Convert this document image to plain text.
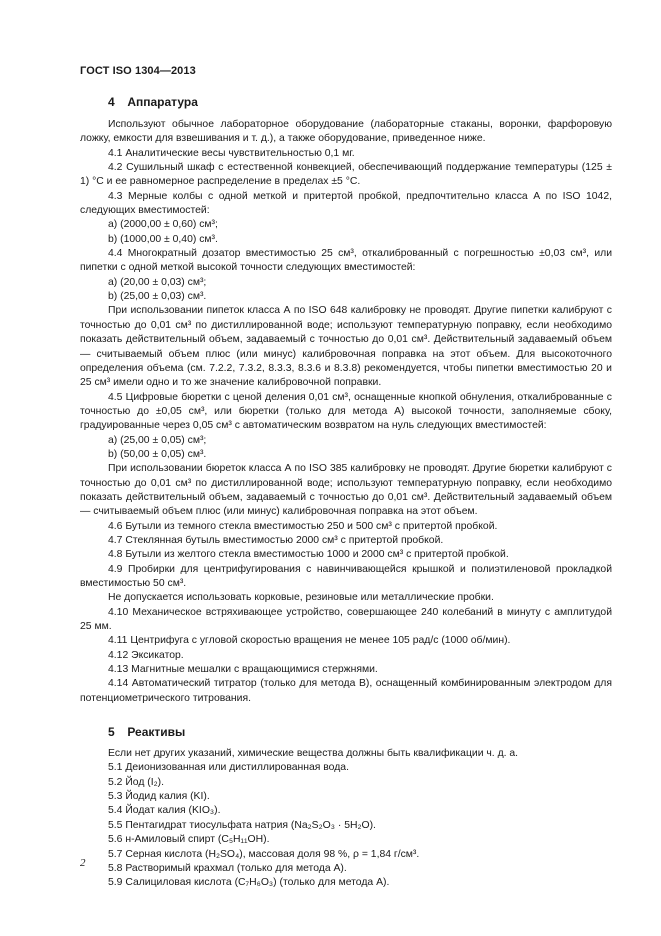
ГОСТ ISO 1304—2013
4 Аппаратура

Используют обычное лабораторное оборудование (лабораторные стаканы, воронки, фарфоровую ложку, емкости для взвешивания и т. д.), а также оборудование, приведенное ниже.

4.1 Аналитические весы чувствительностью 0,1 мг.

4.2 Сушильный шкаф с естественной конвекцией, обеспечивающий поддержание температуры (125 ± 1) °С и ее равномерное распределение в пределах ±5 °С.

4.3 Мерные колбы с одной меткой и притертой пробкой, предпочтительно класса А по ISO 1042, следующих вместимостей:

а) (2000,00 ± 0,60) см³;

b) (1000,00 ± 0,40) см³.

4.4 Многократный дозатор вместимостью 25 см³, откалиброванный с погрешностью ±0,03 см³, или пипетки с одной меткой высокой точности следующих вместимостей:

а) (20,00 ± 0,03) см³;

b) (25,00 ± 0,03) см³.

При использовании пипеток класса А по ISO 648 калибровку не проводят. Другие пипетки калибруют с точностью до 0,01 см³ по дистиллированной воде; используют температурную поправку, если необходимо показать действительный объем, задаваемый с точностью до 0,01 см³. Действительный задаваемый объем — считываемый объем плюс (или минус) калибровочная поправка на этот объем. Для высокоточного определения объема (см. 7.2.2, 7.3.2, 8.3.3, 8.3.6 и 8.3.8) рекомендуется, чтобы пипетки вместимостью 20 и 25 см³ имели одно и то же значение калибровочной поправки.

4.5 Цифровые бюретки с ценой деления 0,01 см³, оснащенные кнопкой обнуления, откалиброванные с точностью до ±0,05 см³, или бюретки (только для метода А) высокой точности, заполняемые сбоку, градуированные через 0,05 см³ с автоматическим возвратом на нуль следующих вместимостей:

а) (25,00 ± 0,05) см³;

b) (50,00 ± 0,05) см³.

При использовании бюреток класса А по ISO 385 калибровку не проводят. Другие бюретки калибруют с точностью до 0,01 см³ по дистиллированной воде; используют температурную поправку, если необходимо показать действительный объем, задаваемый с точностью до 0,01 см³. Действительный задаваемый объем — считываемый объем плюс (или минус) калибровочная поправка на этот объем.

4.6 Бутыли из темного стекла вместимостью 250 и 500 см³ с притертой пробкой.

4.7 Стеклянная бутыль вместимостью 2000 см³ с притертой пробкой.

4.8 Бутыли из желтого стекла вместимостью 1000 и 2000 см³ с притертой пробкой.

4.9 Пробирки для центрифугирования с навинчивающейся крышкой и полиэтиленовой прокладкой вместимостью 50 см³.

Не допускается использовать корковые, резиновые или металлические пробки.

4.10 Механическое встряхивающее устройство, совершающее 240 колебаний в минуту с амплитудой 25 мм.

4.11 Центрифуга с угловой скоростью вращения не менее 105 рад/с (1000 об/мин).

4.12 Эксикатор.

4.13 Магнитные мешалки с вращающимися стержнями.

4.14 Автоматический титратор (только для метода В), оснащенный комбинированным электродом для потенциометрического титрования.

5 Реактивы

Если нет других указаний, химические вещества должны быть квалификации ч. д. а.

5.1 Деионизованная или дистиллированная вода.

5.2 Йод (I₂).

5.3 Йодид калия (KI).

5.4 Йодат калия (KIO₃).

5.5 Пентагидрат тиосульфата натрия (Na₂S₂O₃ · 5H₂O).

5.6 н-Амиловый спирт (C₅H₁₁OH).

5.7 Серная кислота (H₂SO₄), массовая доля 98 %, ρ = 1,84 г/см³.

5.8 Растворимый крахмал (только для метода А).

5.9 Салициловая кислота (C₇H₆O₃) (только для метода А).

2
